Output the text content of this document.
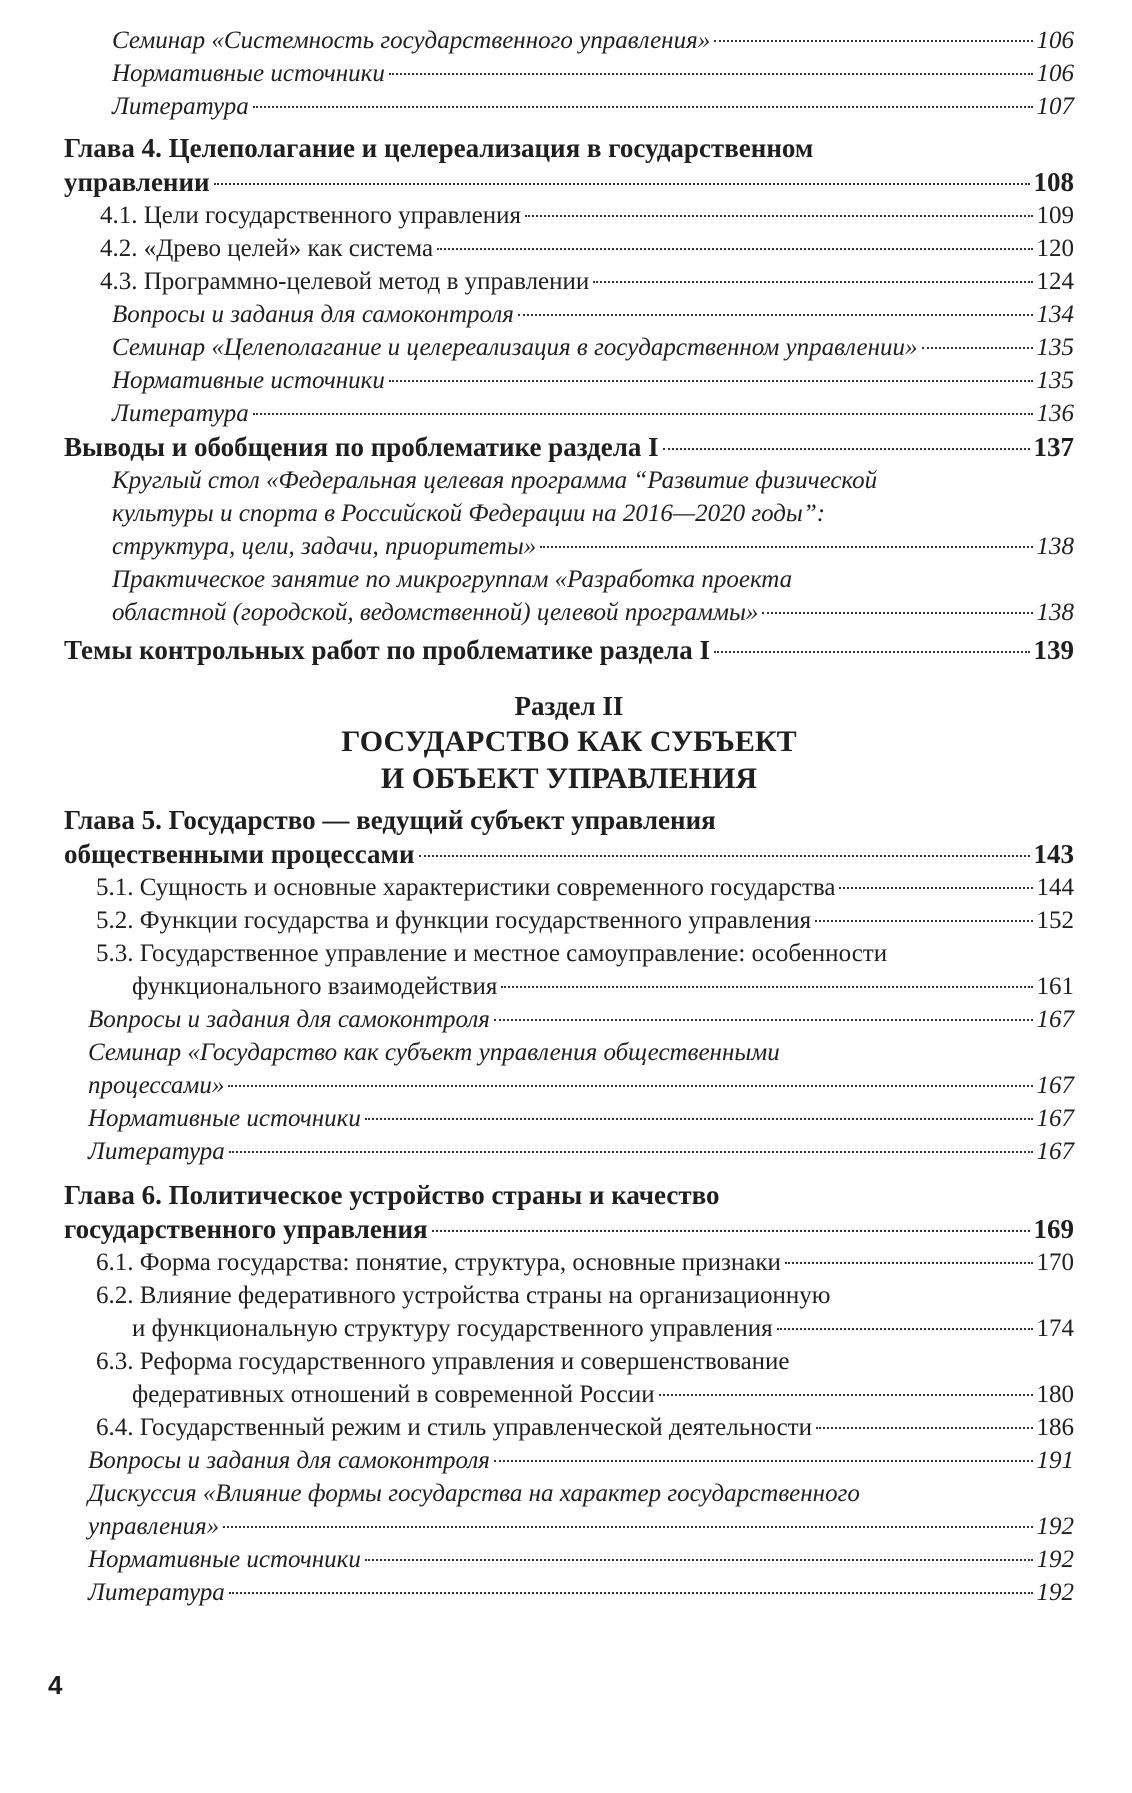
Семинар «Системность государственного управления»	106
Нормативные источники	106
Литература	107
Глава 4. Целеполагание и целереализация в государственном
управлении	108
4.1. Цели государственного управления	109
4.2. «Древо целей» как система	120
4.3. Программно-целевой метод в управлении	124
Вопросы и задания для самоконтроля	134
Семинар «Целеполагание и целереализация в государственном управлении»	135
Нормативные источники	135
Литература	136
Выводы и обобщения по проблематике раздела I	137
Круглый стол «Федеральная целевая программа “Развитие физической
культуры и спорта в Российской Федерации на 2016—2020 годы”:
структура, цели, задачи, приоритеты»	138
Практическое занятие по микрогруппам «Разработка проекта
областной (городской, ведомственной) целевой программы»	138
Темы контрольных работ по проблематике раздела I	139
Раздел II
ГОСУДАРСТВО КАК СУБЪЕКТ
И ОБЪЕКТ УПРАВЛЕНИЯ
Глава 5. Государство — ведущий субъект управления
общественными процессами	143
5.1. Сущность и основные характеристики современного государства	144
5.2. Функции государства и функции государственного управления	152
5.3. Государственное управление и местное самоуправление: особенности
функционального взаимодействия	161
Вопросы и задания для самоконтроля	167
Семинар «Государство как субъект управления общественными
процессами»	167
Нормативные источники	167
Литература	167
Глава 6. Политическое устройство страны и качество
государственного управления	169
6.1. Форма государства: понятие, структура, основные признаки	170
6.2. Влияние федеративного устройства страны на организационную
и функциональную структуру государственного управления	174
6.3. Реформа государственного управления и совершенствование
федеративных отношений в современной России	180
6.4. Государственный режим и стиль управленческой деятельности	186
Вопросы и задания для самоконтроля	191
Дискуссия «Влияние формы государства на характер государственного
управления»	192
Нормативные источники	192
Литература	192
4
